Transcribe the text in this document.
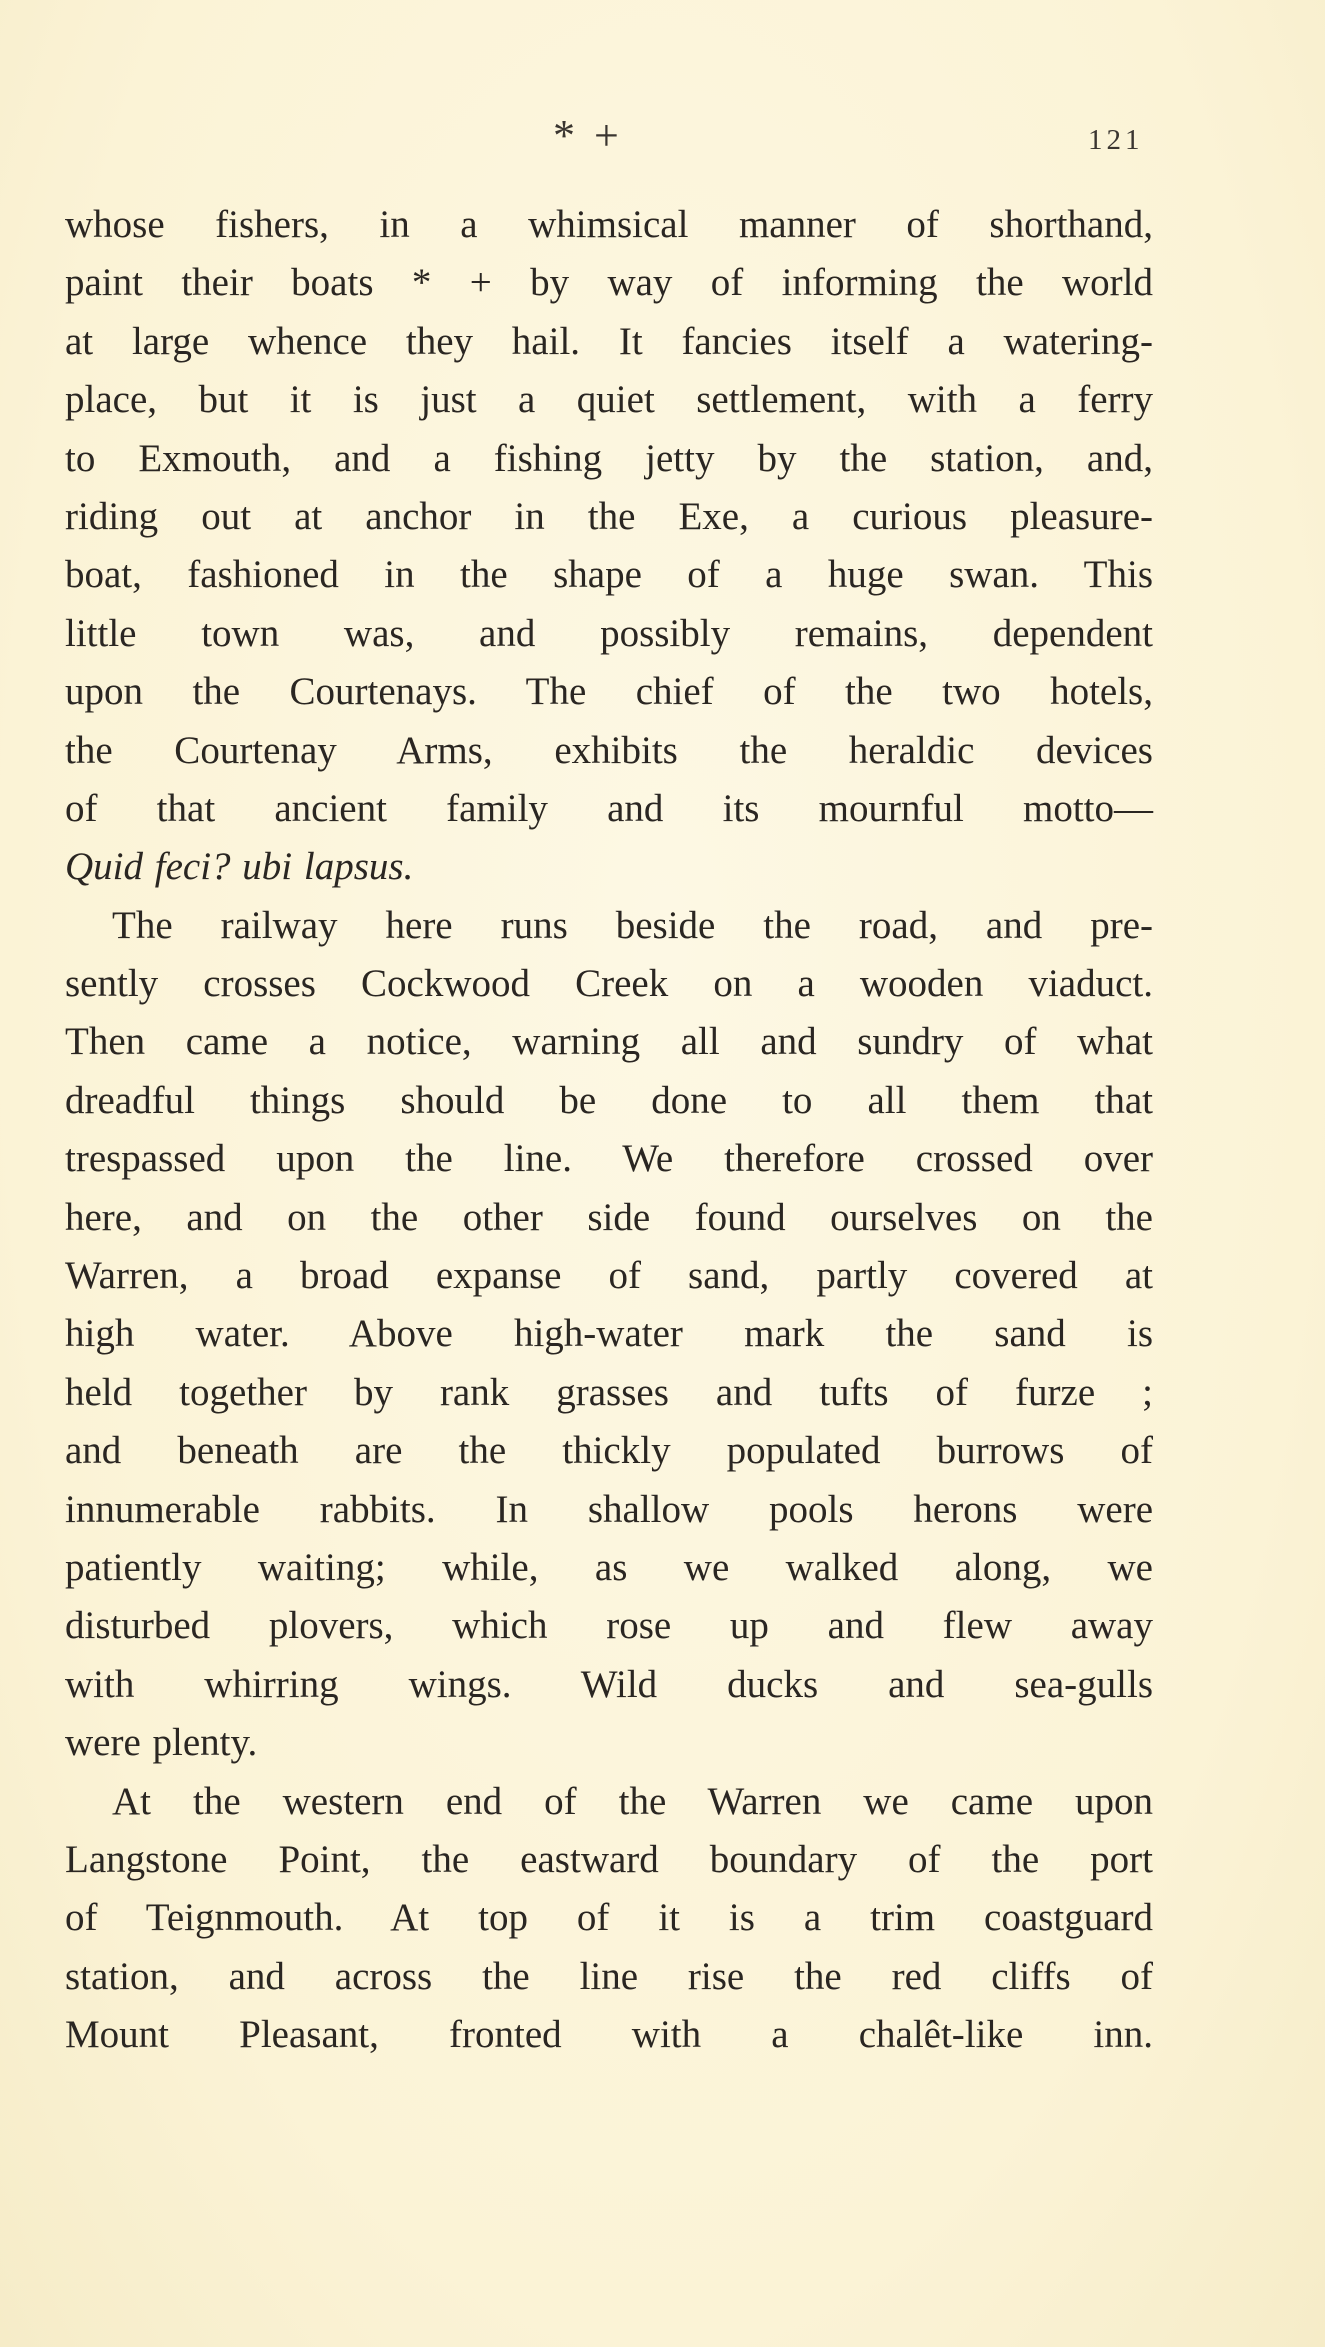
* +	121
whose fishers, in a whimsical manner of shorthand,
paint their boats * + by way of informing the world
at large whence they hail. It fancies itself a watering-
place, but it is just a quiet settlement, with a ferry
to Exmouth, and a fishing jetty by the station, and,
riding out at anchor in the Exe, a curious pleasure-
boat, fashioned in the shape of a huge swan. This
little town was, and possibly remains, dependent
upon the Courtenays. The chief of the two hotels,
the Courtenay Arms, exhibits the heraldic devices
of that ancient family and its mournful motto—
Quid feci? ubi lapsus.
The railway here runs beside the road, and pre-
sently crosses Cockwood Creek on a wooden viaduct.
Then came a notice, warning all and sundry of what
dreadful things should be done to all them that
trespassed upon the line. We therefore crossed over
here, and on the other side found ourselves on the
Warren, a broad expanse of sand, partly covered at
high water. Above high-water mark the sand is
held together by rank grasses and tufts of furze ;
and beneath are the thickly populated burrows of
innumerable rabbits. In shallow pools herons were
patiently waiting; while, as we walked along, we
disturbed plovers, which rose up and flew away
with whirring wings. Wild ducks and sea-gulls
were plenty.
At the western end of the Warren we came upon
Langstone Point, the eastward boundary of the port
of Teignmouth. At top of it is a trim coastguard
station, and across the line rise the red cliffs of
Mount Pleasant, fronted with a chalêt-like inn.
